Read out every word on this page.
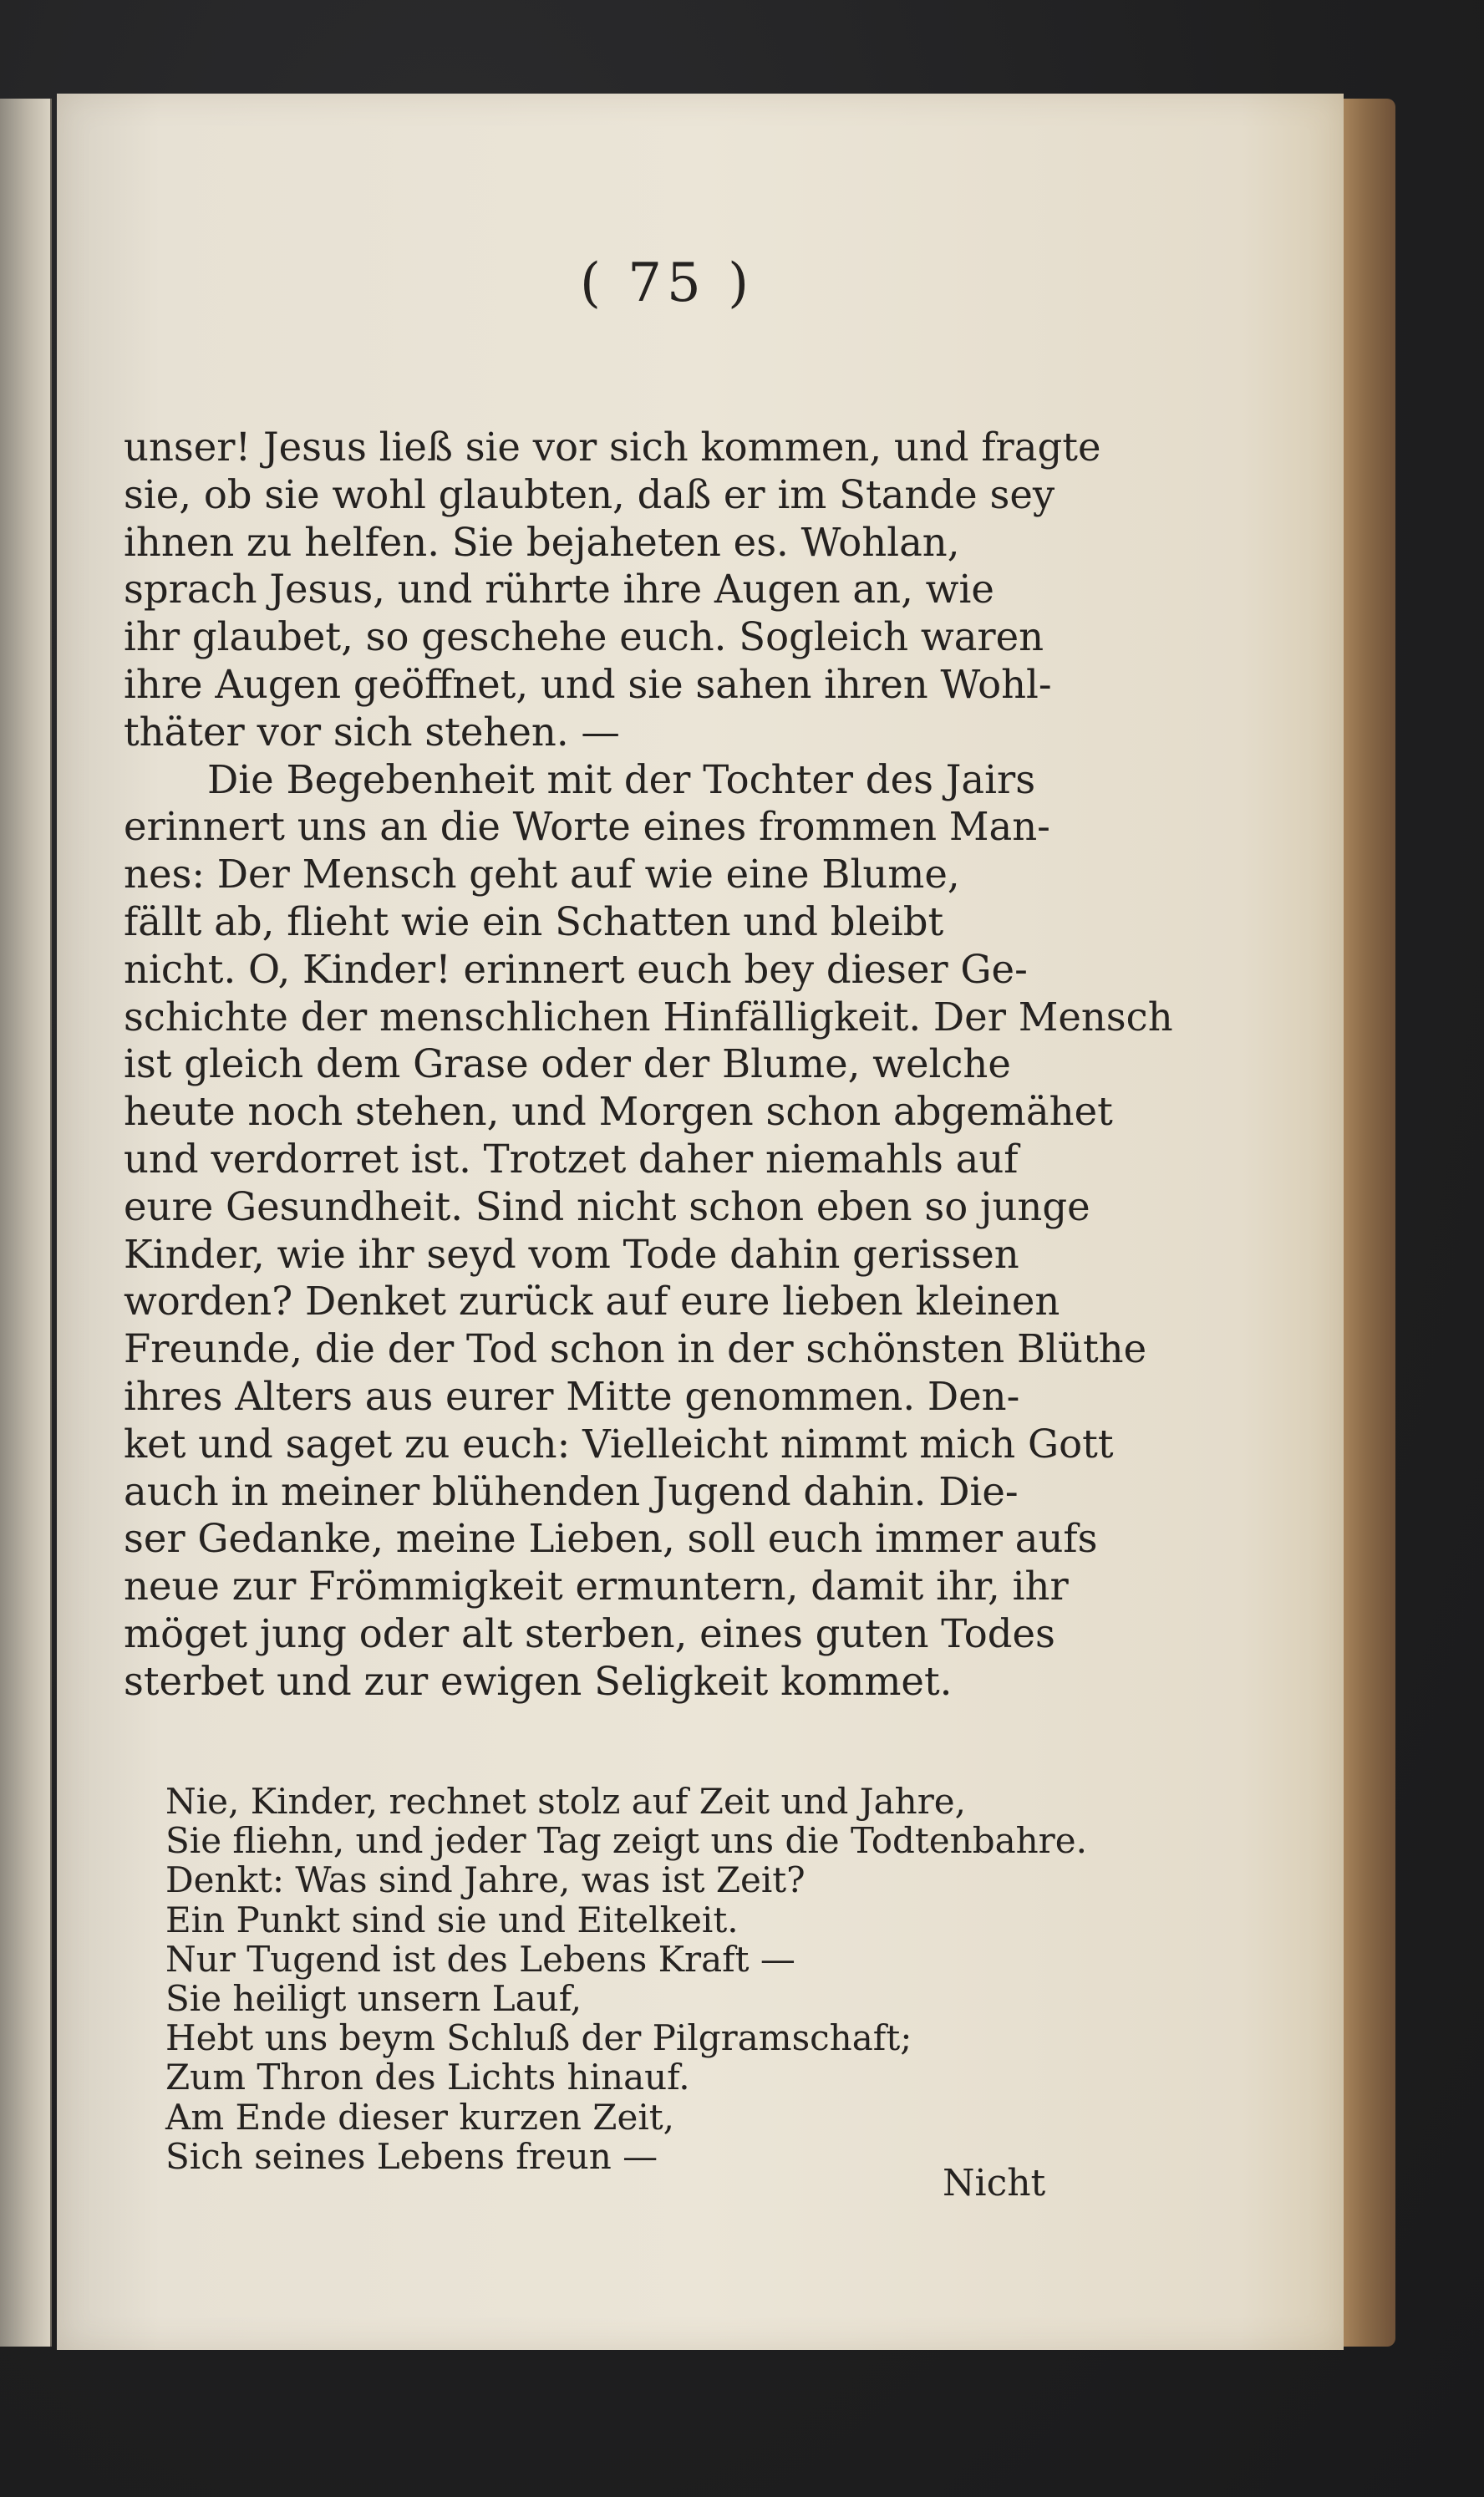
( 75 )
unser! Jesus ließ sie vor sich kommen, und fragte
sie, ob sie wohl glaubten, daß er im Stande sey
ihnen zu helfen. Sie bejaheten es. Wohlan,
sprach Jesus, und rührte ihre Augen an, wie
ihr glaubet, so geschehe euch. Sogleich waren
ihre Augen geöffnet, und sie sahen ihren Wohl-
thäter vor sich stehen. —
Die Begebenheit mit der Tochter des Jairs
erinnert uns an die Worte eines frommen Man-
nes: Der Mensch geht auf wie eine Blume,
fällt ab, flieht wie ein Schatten und bleibt
nicht. O, Kinder! erinnert euch bey dieser Ge-
schichte der menschlichen Hinfälligkeit. Der Mensch
ist gleich dem Grase oder der Blume, welche
heute noch stehen, und Morgen schon abgemähet
und verdorret ist. Trotzet daher niemahls auf
eure Gesundheit. Sind nicht schon eben so junge
Kinder, wie ihr seyd vom Tode dahin gerissen
worden? Denket zurück auf eure lieben kleinen
Freunde, die der Tod schon in der schönsten Blüthe
ihres Alters aus eurer Mitte genommen. Den-
ket und saget zu euch: Vielleicht nimmt mich Gott
auch in meiner blühenden Jugend dahin. Die-
ser Gedanke, meine Lieben, soll euch immer aufs
neue zur Frömmigkeit ermuntern, damit ihr, ihr
möget jung oder alt sterben, eines guten Todes
sterbet und zur ewigen Seligkeit kommet.
Nie, Kinder, rechnet stolz auf Zeit und Jahre,
Sie fliehn, und jeder Tag zeigt uns die Todtenbahre.
Denkt: Was sind Jahre, was ist Zeit?
Ein Punkt sind sie und Eitelkeit.
Nur Tugend ist des Lebens Kraft —
Sie heiligt unsern Lauf,
Hebt uns beym Schluß der Pilgramschaft;
Zum Thron des Lichts hinauf.
Am Ende dieser kurzen Zeit,
Sich seines Lebens freun —
Nicht
